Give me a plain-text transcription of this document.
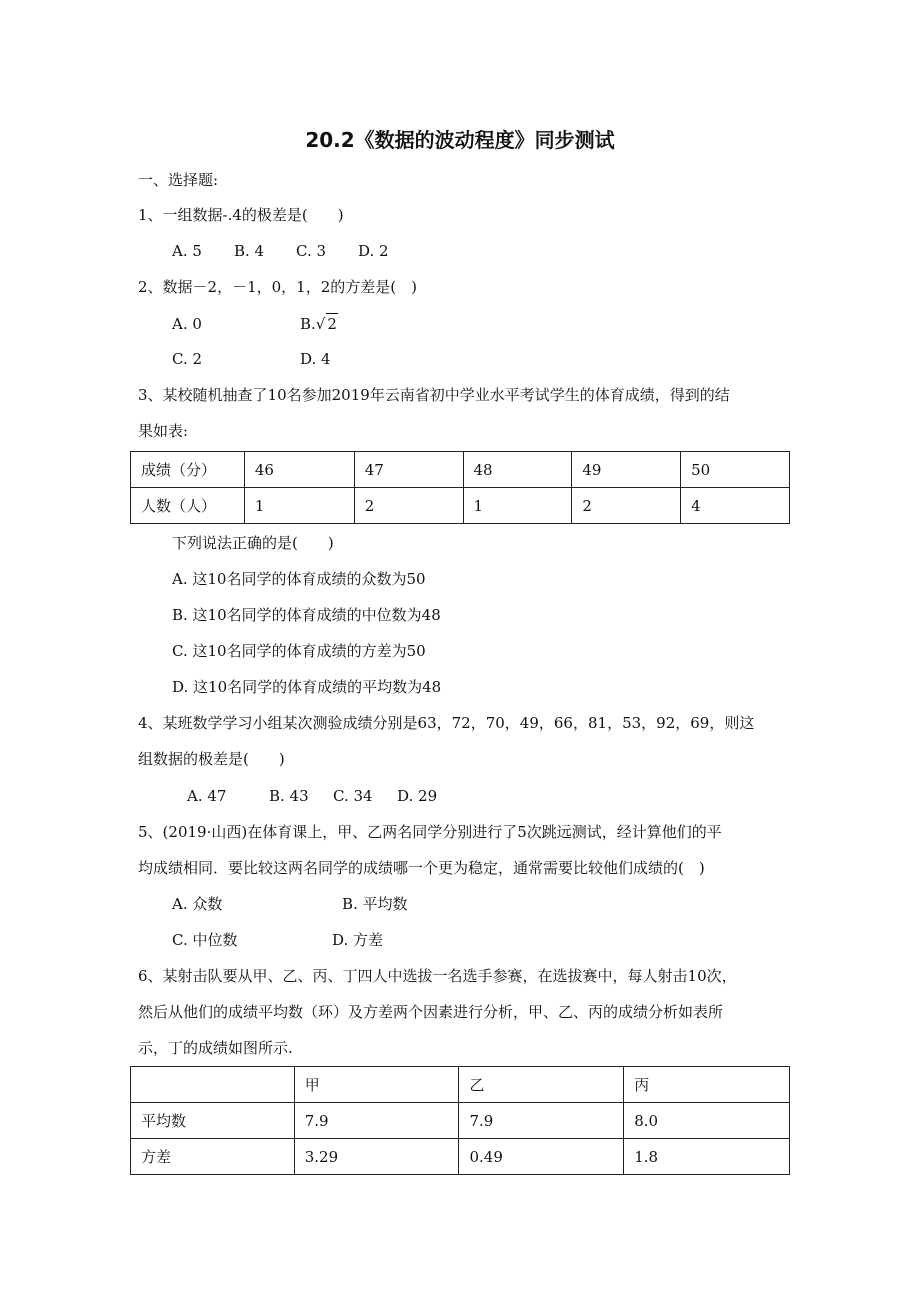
20.2《数据的波动程度》同步测试
一、选择题:
1、一组数据-.4的极差是(　　)
A. 5 B. 4 C. 3 D. 2
2、数据－2，－1，0，1，2的方差是(　)
A. 0	B.√ 2
C. 2	D. 4
3、某校随机抽查了10名参加2019年云南省初中学业水平考试学生的体育成绩，得到的结
果如表:
成绩（分）	46	47	48	49	50
人数（人）	1	2	1	2	4
下列说法正确的是(　　)
A. 这10名同学的体育成绩的众数为50
B. 这10名同学的体育成绩的中位数为48
C. 这10名同学的体育成绩的方差为50
D. 这10名同学的体育成绩的平均数为48
4、某班数学学习小组某次测验成绩分别是63，72，70，49，66，81，53，92，69，则这
组数据的极差是(　　)
A. 47	B. 43 C. 34 D. 29
5、(2019·山西)在体育课上，甲、乙两名同学分别进行了5次跳远测试，经计算他们的平
均成绩相同．要比较这两名同学的成绩哪一个更为稳定，通常需要比较他们成绩的(　)
A. 众数	B. 平均数
C. 中位数	D. 方差
6、某射击队要从甲、乙、丙、丁四人中选拔一名选手参赛，在选拔赛中，每人射击10次，
然后从他们的成绩平均数（环）及方差两个因素进行分析，甲、乙、丙的成绩分析如表所
示，丁的成绩如图所示.
	甲	乙	丙
平均数	7.9	7.9	8.0
方差	3.29	0.49	1.8
